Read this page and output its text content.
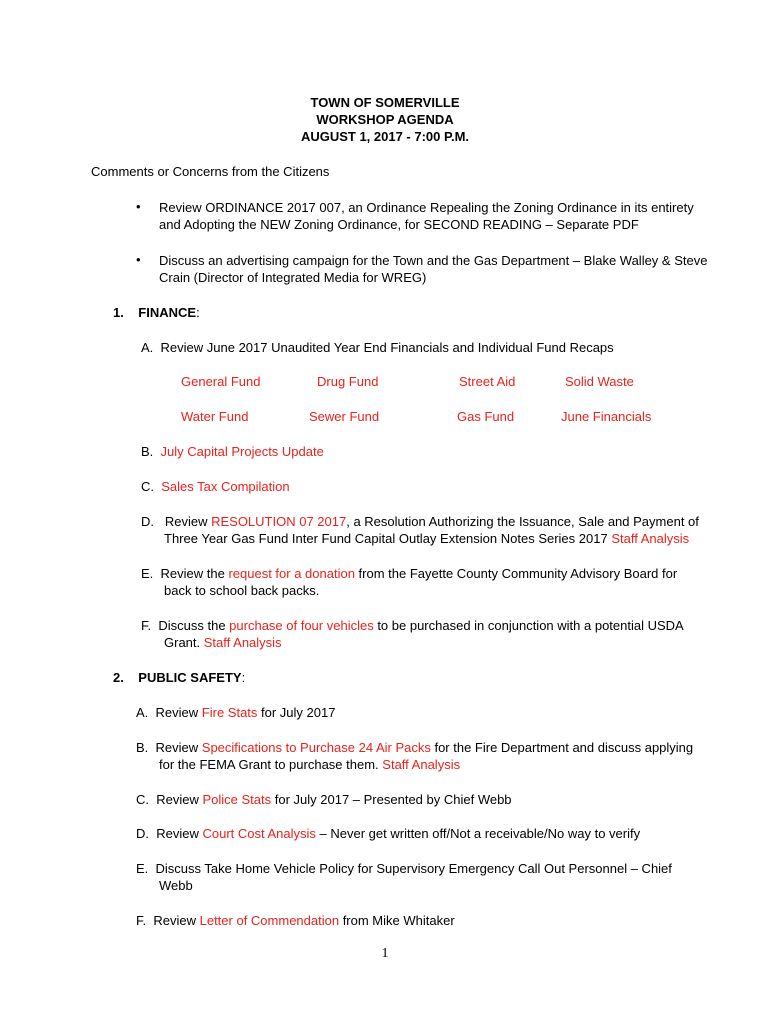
TOWN OF SOMERVILLE
WORKSHOP AGENDA
AUGUST 1, 2017 - 7:00 P.M.
Comments or Concerns from the Citizens
• Review ORDINANCE 2017 007, an Ordinance Repealing the Zoning Ordinance in its entirety
and Adopting the NEW Zoning Ordinance, for SECOND READING – Separate PDF
• Discuss an advertising campaign for the Town and the Gas Department – Blake Walley & Steve
Crain (Director of Integrated Media for WREG)
1. FINANCE:
A. Review June 2017 Unaudited Year End Financials and Individual Fund Recaps
General Fund	Drug Fund	Street Aid	Solid Waste
Water Fund	Sewer Fund	Gas Fund	June Financials
B. July Capital Projects Update
C. Sales Tax Compilation
D. Review RESOLUTION 07 2017, a Resolution Authorizing the Issuance, Sale and Payment of
Three Year Gas Fund Inter Fund Capital Outlay Extension Notes Series 2017 Staff Analysis
E. Review the request for a donation from the Fayette County Community Advisory Board for
back to school back packs.
F. Discuss the purchase of four vehicles to be purchased in conjunction with a potential USDA
Grant. Staff Analysis
2. PUBLIC SAFETY:
A. Review Fire Stats for July 2017
B. Review Specifications to Purchase 24 Air Packs for the Fire Department and discuss applying
for the FEMA Grant to purchase them. Staff Analysis
C. Review Police Stats for July 2017 – Presented by Chief Webb
D. Review Court Cost Analysis – Never get written off/Not a receivable/No way to verify
E. Discuss Take Home Vehicle Policy for Supervisory Emergency Call Out Personnel – Chief
Webb
F. Review Letter of Commendation from Mike Whitaker
1
